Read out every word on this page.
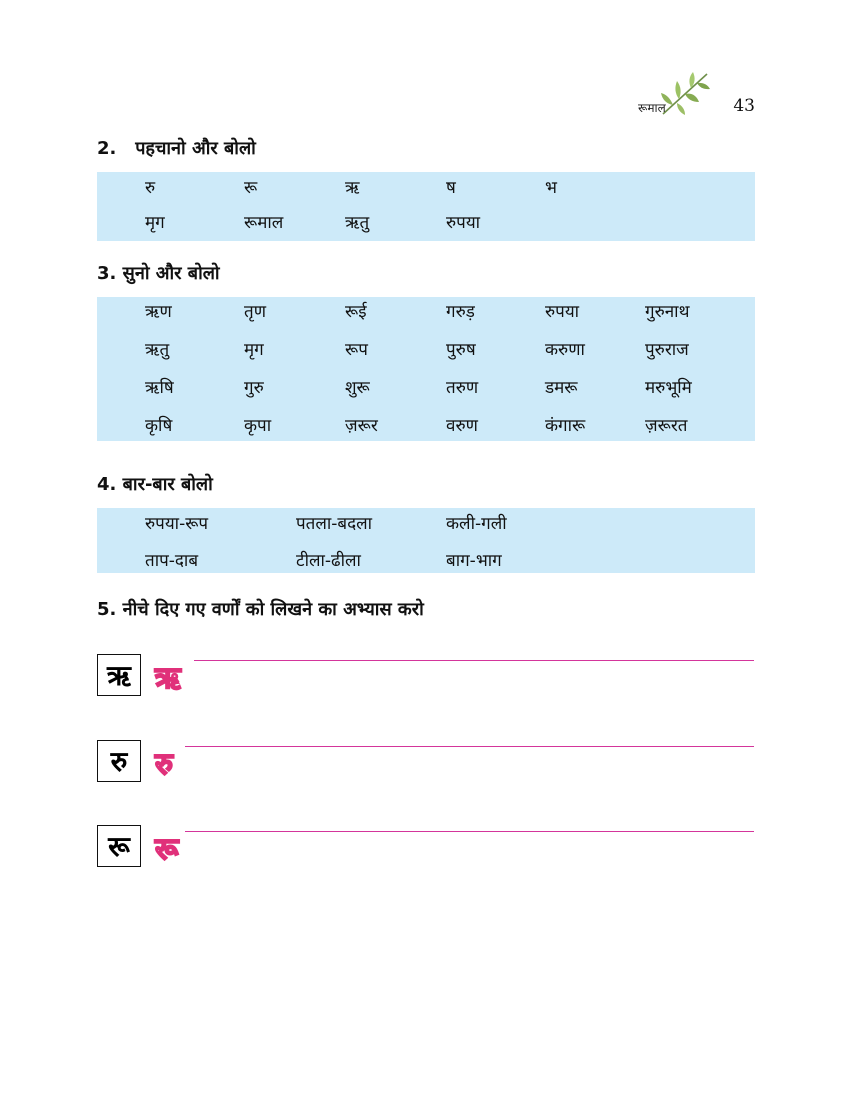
रूमाल	43
2. पहचानो और बोलो
रु	रू	ऋ	ष	भ
मृग	रूमाल	ऋतु	रुपया
3. सुनो और बोलो
ऋण	तृण	रूई	गरुड़	रुपया	गुरुनाथ
ऋतु	मृग	रूप	पुरुष	करुणा	पुरुराज
ऋषि	गुरु	शुरू	तरुण	डमरू	मरुभूमि
कृषि	कृपा	ज़रूर	वरुण	कंगारू	ज़रूरत
4. बार-बार बोलो
रुपया-रूप	पतला-बदला	कली-गली
ताप-दाब	टीला-ढीला	बाग-भाग
5. नीचे दिए गए वर्णों को लिखने का अभ्यास करो
ऋ ऋ
रु रु
रू रू
